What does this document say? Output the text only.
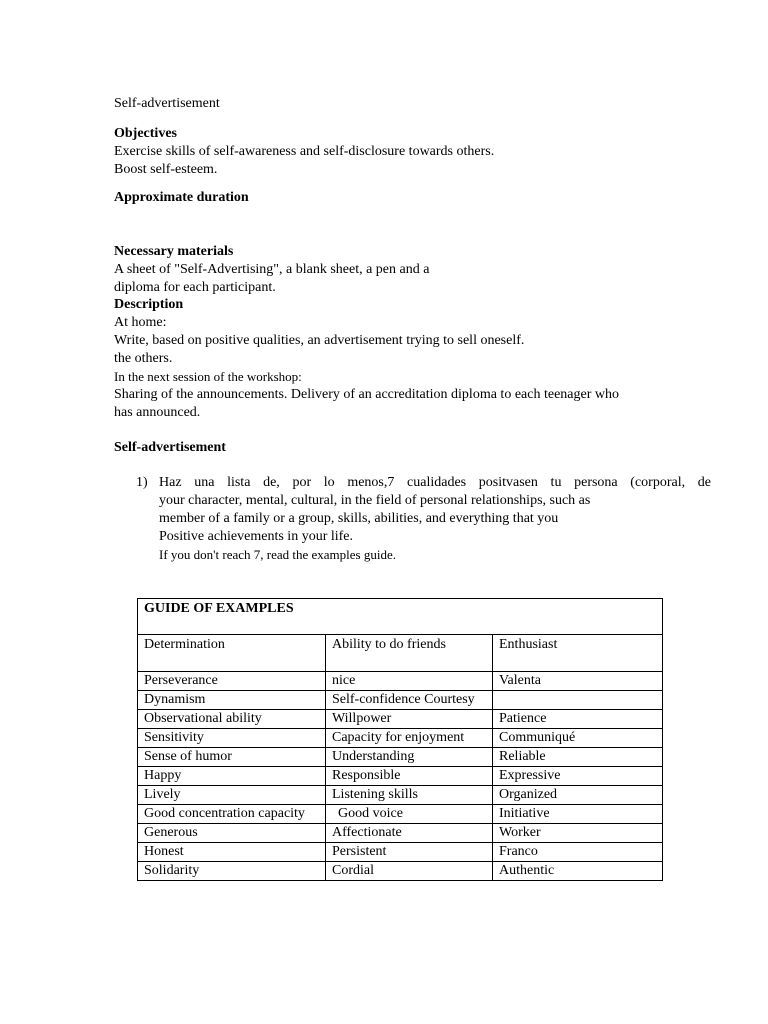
Self-advertisement
Objectives
Exercise skills of self-awareness and self-disclosure towards others.
Boost self-esteem.
Approximate duration
Necessary materials
A sheet of "Self-Advertising", a blank sheet, a pen and a
diploma for each participant.
Description
At home:
Write, based on positive qualities, an advertisement trying to sell oneself.
the others.
In the next session of the workshop:
Sharing of the announcements. Delivery of an accreditation diploma to each teenager who
has announced.
Self-advertisement
1) Haz una lista de, por lo menos,7 cualidades positvasen tu persona (corporal, de
your character, mental, cultural, in the field of personal relationships, such as
member of a family or a group, skills, abilities, and everything that you
Positive achievements in your life.
If you don't reach 7, read the examples guide.
GUIDE OF EXAMPLES		
Determination	Ability to do friends	Enthusiast
Perseverance	nice	Valenta
Dynamism	Self-confidence Courtesy	
Observational ability	Willpower	Patience
Sensitivity	Capacity for enjoyment	Communiqué
Sense of humor	Understanding	Reliable
Happy	Responsible	Expressive
Lively	Listening skills	Organized
Good concentration capacity	Good voice	Initiative
Generous	Affectionate	Worker
Honest	Persistent	Franco
Solidarity	Cordial	Authentic
